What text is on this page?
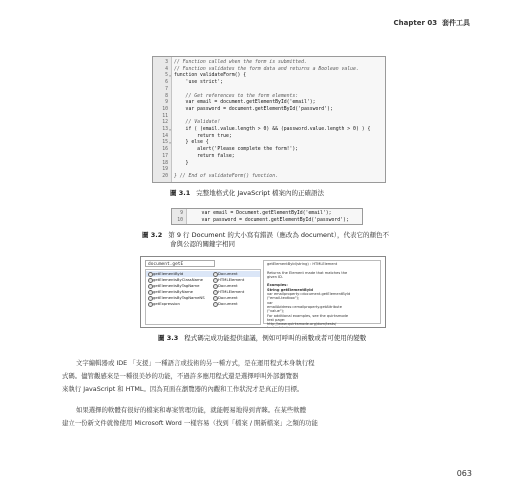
Chapter 03 套件工具
3 // Function called when the form is submitted.
4 // Function validates the form data and returns a Boolean value.
5 ⊖ function validateForm() {
6 'use strict';
7
8 // Get references to the form elements:
9 var email = document.getElementById('email');
10 var password = document.getElementById('password');
11
12 // Validate!
13 ⊖ if ( (email.value.length > 0) && (password.value.length > 0) ) {
14 return true;
15 ⊖ } else {
16 alert('Please complete the form!');
17 return false;
18 }
19
20 } // End of validateForm() function.
圖 3.1 完整地格式化 JavaScript 檔案內的正確語法
9 var email = Document.getElementById('email');
10 var password = document.getElementById('password');
圖 3.2 第 9 行 Document 的大小寫有錯誤（應改為 document），代表它的顏色不
會與公認的關鍵字相同
document.getE
getElementById	Document
getElementsByClassName	HTMLElement
getElementsByTagName	Document
getElementsByName	HTMLElement
getElementsByTagNameNS	Document
getExpression	Document
getElementById(string) : HTMLElement

Returns the Element made that matches the
given ID.

Examples:
String getElementById
var emailproperty=document.getElementById
("email-textbox");
var
emailAddress=emailproperty.getAttribute
("value");
For additional examples, see the quirksmode
test page:
http://www.quirksmode.org/dom/tests/

圖 3.3 程式碼完成功能提供建議，例如可呼叫的函數或者可使用的變數
文字編輯器或 IDE 「支援」一種語言或技術的另一種方式，是在運用程式本身執行程
式碼。儘管觀感來是一種很美妙的功能，不過許多應用程式還是選擇呼叫外部瀏覽器
來執行 JavaScript 和 HTML。因為頁面在瀏覽器的內觀和工作狀況才是真正的目標。
如果選擇的軟體有很好的檔案和專案管理功能，就能輕易地得到青睞。在某些軟體
建立一份新文件就像使用 Microsoft Word 一樣容易（找到「檔案 / 開新檔案」之類的功能
063
